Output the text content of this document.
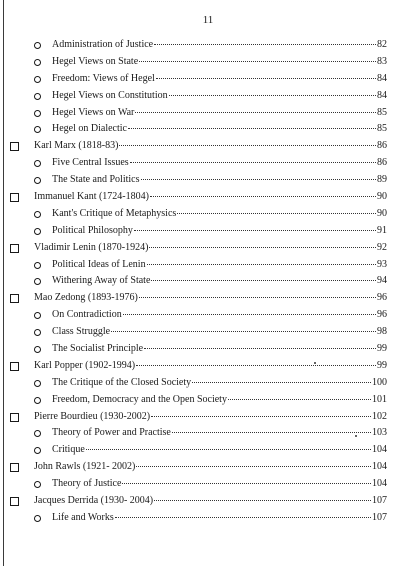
11
Administration of Justice	82
Hegel Views on State	83
Freedom: Views of Hegel	84
Hegel Views on Constitution	84
Hegel Views on War	85
Hegel on Dialectic	85
Karl Marx (1818-83)	86
Five Central Issues	86
The State and Politics	89
Immanuel Kant (1724-1804)	90
Kant's Critique of Metaphysics	90
Political Philosophy	91
Vladimir Lenin (1870-1924)	92
Political Ideas of Lenin	93
Withering Away of State	94
Mao Zedong (1893-1976)	96
On Contradiction	96
Class Struggle	98
The Socialist Principle	99
Karl Popper (1902-1994)	99
The Critique of the Closed Society	100
Freedom, Democracy and the Open Society	101
Pierre Bourdieu (1930-2002)	102
Theory of Power and Practise	103
Critique	104
John Rawls (1921- 2002)	104
Theory of Justice	104
Jacques Derrida (1930- 2004)	107
Life and Works	107
